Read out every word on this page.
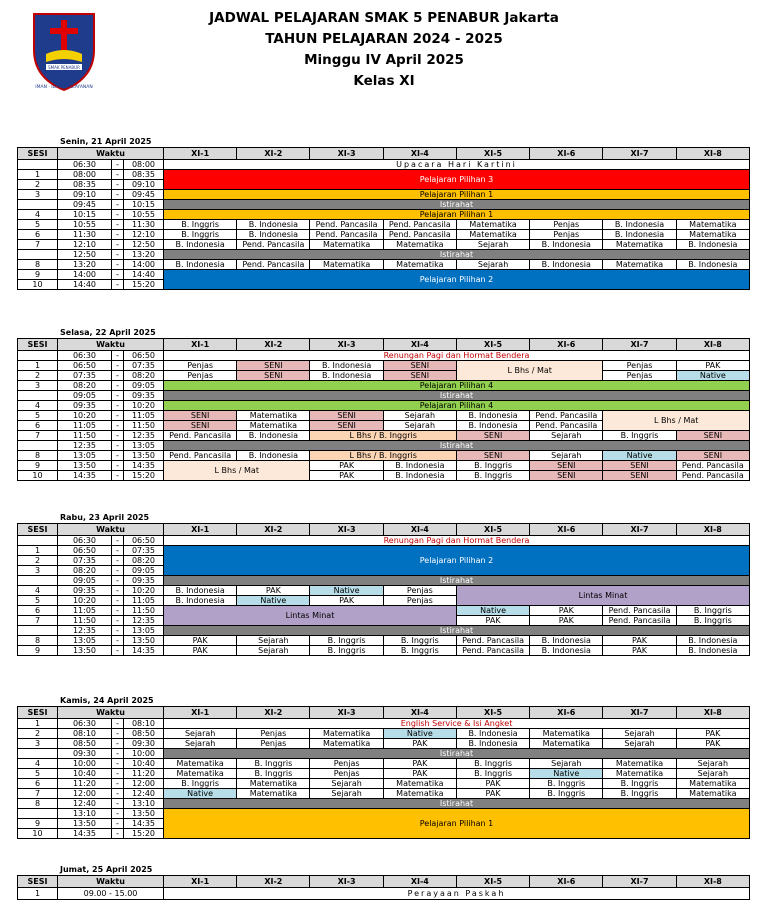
SMAK PENABUR
IMAN · ILMU · PELAYANAN
JADWAL PELAJARAN SMAK 5 PENABUR Jakarta
TAHUN PELAJARAN 2024 - 2025
Minggu IV April 2025
Kelas XI
Senin, 21 April 2025
SESI	Waktu			XI-1	XI-2	XI-3	XI-4	XI-5	XI-6	XI-7	XI-8
	06:30	-	08:00	Upacara Hari Kartini							
1	08:00	-	08:35	Pelajaran Pilihan 3							
2	08:35	-	09:10								
3	09:10	-	09:45	Pelajaran Pilihan 1							
	09:45	-	10:15	Istirahat							
4	10:15	-	10:55	Pelajaran Pilihan 1							
5	10:55	-	11:30	B. Inggris	B. Indonesia	Pend. Pancasila	Pend. Pancasila	Matematika	Penjas	B. Indonesia	Matematika
6	11:30	-	12:10	B. Inggris	B. Indonesia	Pend. Pancasila	Pend. Pancasila	Matematika	Penjas	B. Indonesia	Matematika
7	12:10	-	12:50	B. Indonesia	Pend. Pancasila	Matematika	Matematika	Sejarah	B. Indonesia	Matematika	B. Indonesia
	12:50	-	13:20	Istirahat							
8	13:20	-	14:00	B. Indonesia	Pend. Pancasila	Matematika	Matematika	Sejarah	B. Indonesia	Matematika	B. Indonesia
9	14:00	-	14:40	Pelajaran Pilihan 2							
10	14:40	-	15:20								
Selasa, 22 April 2025
SESI	Waktu			XI-1	XI-2	XI-3	XI-4	XI-5	XI-6	XI-7	XI-8
	06:30	-	06:50	Renungan Pagi dan Hormat Bendera							
1	06:50	-	07:35	Penjas	SENI	B. Indonesia	SENI	L Bhs / Mat		Penjas	PAK
2	07:35	-	08:20	Penjas	SENI	B. Indonesia	SENI			Penjas	Native
3	08:20	-	09:05	Pelajaran Pilihan 4							
	09:05	-	09:35	Istirahat							
4	09:35	-	10:20	Pelajaran Pilihan 4							
5	10:20	-	11:05	SENI	Matematika	SENI	Sejarah	B. Indonesia	Pend. Pancasila	L Bhs / Mat	
6	11:05	-	11:50	SENI	Matematika	SENI	Sejarah	B. Indonesia	Pend. Pancasila		
7	11:50	-	12:35	Pend. Pancasila	B. Indonesia	L Bhs / B. Inggris		SENI	Sejarah	B. Inggris	SENI
	12:35	-	13:05	Istirahat							
8	13:05	-	13:50	Pend. Pancasila	B. Indonesia	L Bhs / B. Inggris		SENI	Sejarah	Native	SENI
9	13:50	-	14:35	L Bhs / Mat		PAK	B. Indonesia	B. Inggris	SENI	SENI	Pend. Pancasila
10	14:35	-	15:20			PAK	B. Indonesia	B. Inggris	SENI	SENI	Pend. Pancasila
Rabu, 23 April 2025
SESI	Waktu			XI-1	XI-2	XI-3	XI-4	XI-5	XI-6	XI-7	XI-8
	06:30	-	06:50	Renungan Pagi dan Hormat Bendera							
1	06:50	-	07:35	Pelajaran Pilihan 2							
2	07:35	-	08:20								
3	08:20	-	09:05								
	09:05	-	09:35	Istirahat							
4	09:35	-	10:20	B. Indonesia	PAK	Native	Penjas	Lintas Minat			
5	10:20	-	11:05	B. Indonesia	Native	PAK	Penjas				
6	11:05	-	11:50	Lintas Minat				Native	PAK	Pend. Pancasila	B. Inggris
7	11:50	-	12:35					PAK	PAK	Pend. Pancasila	B. Inggris
	12:35	-	13:05	Istirahat							
8	13:05	-	13:50	PAK	Sejarah	B. Inggris	B. Inggris	Pend. Pancasila	B. Indonesia	PAK	B. Indonesia
9	13:50	-	14:35	PAK	Sejarah	B. Inggris	B. Inggris	Pend. Pancasila	B. Indonesia	PAK	B. Indonesia
Kamis, 24 April 2025
SESI	Waktu			XI-1	XI-2	XI-3	XI-4	XI-5	XI-6	XI-7	XI-8
1	06:30	-	08:10	English Service & Isi Angket							
2	08:10	-	08:50	Sejarah	Penjas	Matematika	Native	B. Indonesia	Matematika	Sejarah	PAK
3	08:50	-	09:30	Sejarah	Penjas	Matematika	PAK	B. Indonesia	Matematika	Sejarah	PAK
	09:30	-	10:00	Istirahat							
4	10:00	-	10:40	Matematika	B. Inggris	Penjas	PAK	B. Inggris	Sejarah	Matematika	Sejarah
5	10:40	-	11:20	Matematika	B. Inggris	Penjas	PAK	B. Inggris	Native	Matematika	Sejarah
6	11:20	-	12:00	B. Inggris	Matematika	Sejarah	Matematika	PAK	B. Inggris	B. Inggris	Matematika
7	12:00	-	12:40	Native	Matematika	Sejarah	Matematika	PAK	B. Inggris	B. Inggris	Matematika
8	12:40	-	13:10	Istirahat							
	13:10	-	13:50	Pelajaran Pilihan 1							
9	13:50	-	14:35								
10	14:35	-	15:20								
Jumat, 25 April 2025
SESI	Waktu	XI-1	XI-2	XI-3	XI-4	XI-5	XI-6	XI-7	XI-8
1	09.00 - 15.00	Perayaan Paskah							
